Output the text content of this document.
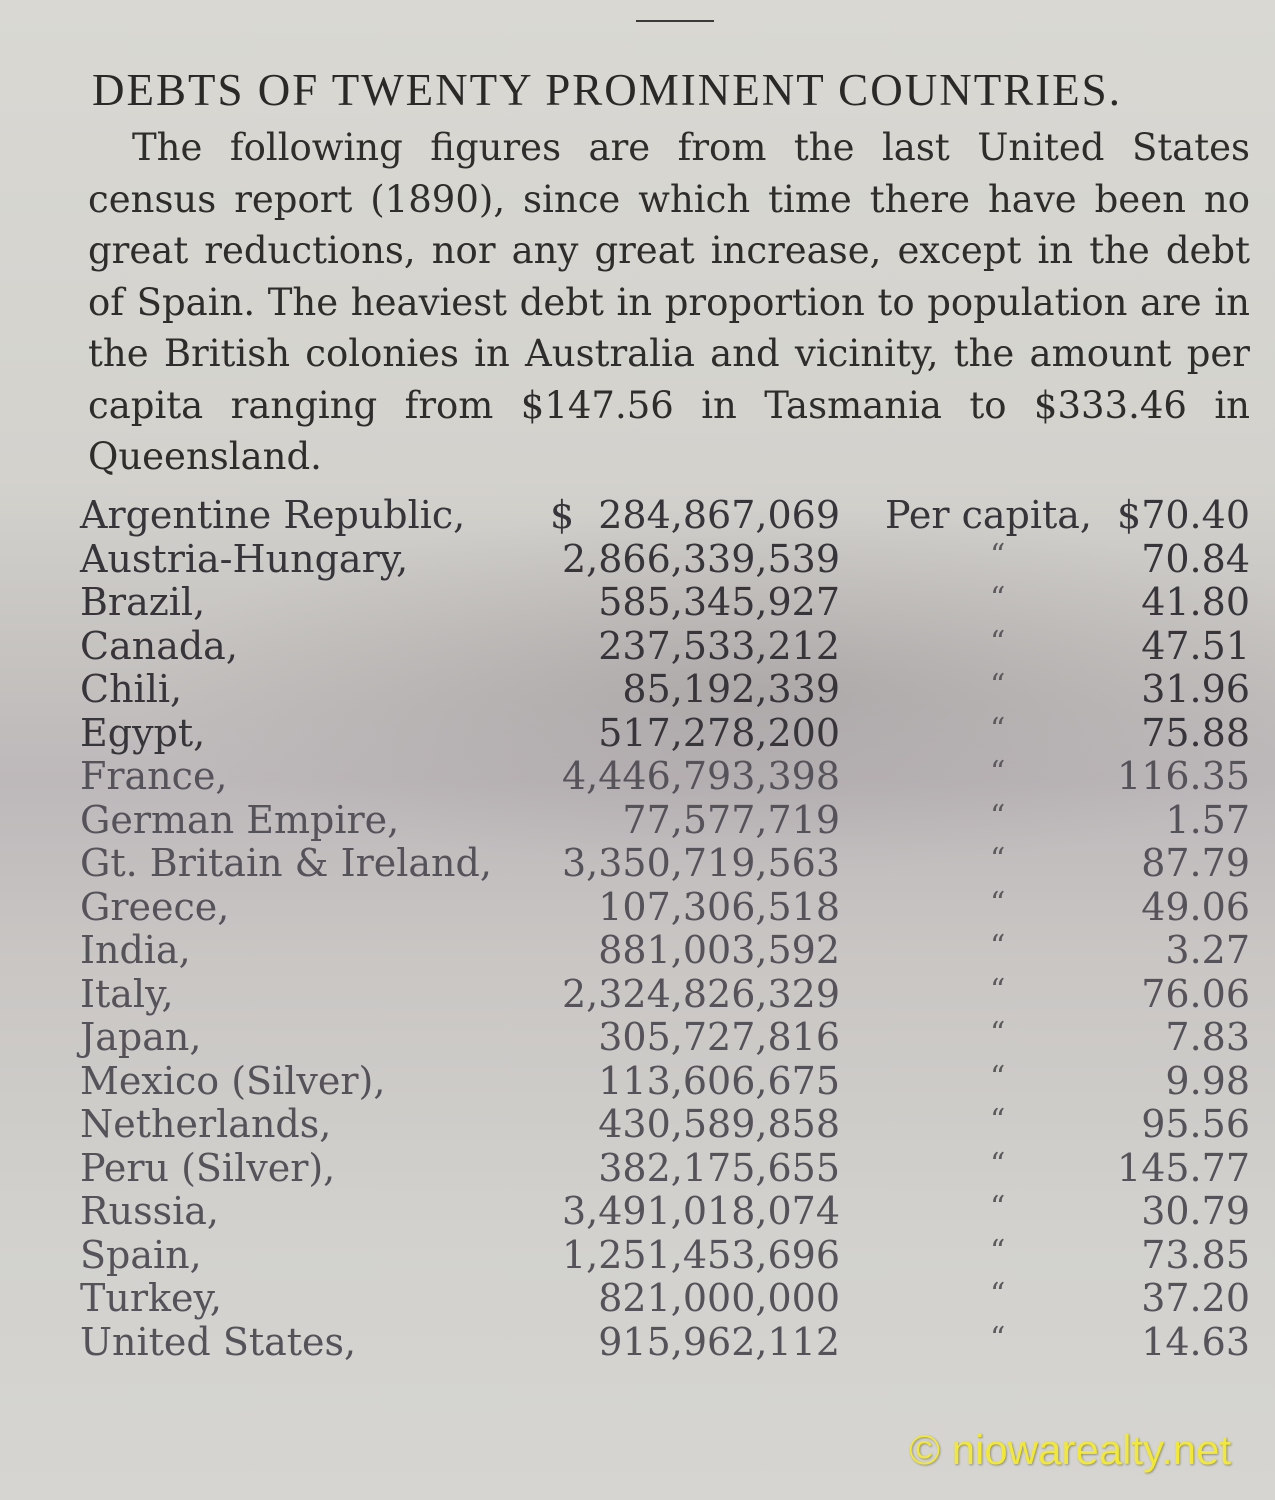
DEBTS OF TWENTY PROMINENT COUNTRIES.

The following figures are from the last United States census report (1890), since which time there have been no great reductions, nor any great increase, except in the debt of Spain. The heaviest debt in proportion to population are in the British colonies in Australia and vicinity, the amount per capita ranging from $147.56 in Tasmania to $333.46 in Queensland.

Argentine Republic, $ 284,867,069 Per capita, $70.40
Austria-Hungary,	2,866,339,539	“	70.84
Brazil,	585,345,927	“	41.80
Canada,	237,533,212	“	47.51
Chili,	85,192,339	“	31.96
Egypt,	517,278,200	“	75.88
France,	4,446,793,398	“	116.35
German Empire,	77,577,719	“	1.57
Gt. Britain & Ireland, 3,350,719,563	“	87.79
Greece,	107,306,518	“	49.06
India,	881,003,592	“	3.27
Italy,	2,324,826,329	“	76.06
Japan,	305,727,816	“	7.83
Mexico (Silver),	113,606,675	“	9.98
Netherlands,	430,589,858	“	95.56
Peru (Silver),	382,175,655	“	145.77
Russia,	3,491,018,074	“	30.79
Spain,	1,251,453,696	“	73.85
Turkey,	821,000,000	“	37.20
United States,	915,962,112	“	14.63
© niowarealty.net
